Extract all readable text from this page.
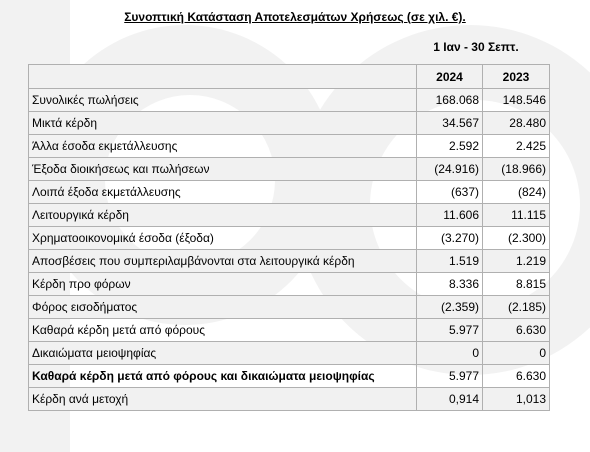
Συνοπτική Κατάσταση Αποτελεσμάτων Χρήσεως (σε χιλ. €).
1 Ιαν - 30 Σεπτ.
	2024	2023
Συνολικές πωλήσεις	168.068	148.546
Μικτά κέρδη	34.567	28.480
Άλλα έσοδα εκμετάλλευσης	2.592	2.425
Έξοδα διοικήσεως και πωλήσεων	(24.916)	(18.966)
Λοιπά έξοδα εκμετάλλευσης	(637)	(824)
Λειτουργικά κέρδη	11.606	11.115
Χρηματοοικονομικά έσοδα (έξοδα)	(3.270)	(2.300)
Αποσβέσεις που συμπεριλαμβάνονται στα λειτουργικά κέρδη	1.519	1.219
Κέρδη προ φόρων	8.336	8.815
Φόρος εισοδήματος	(2.359)	(2.185)
Καθαρά κέρδη μετά από φόρους	5.977	6.630
Δικαιώματα μειοψηφίας	0	0
Καθαρά κέρδη μετά από φόρους και δικαιώματα μειοψηφίας	5.977	6.630
Κέρδη ανά μετοχή	0,914	1,013
